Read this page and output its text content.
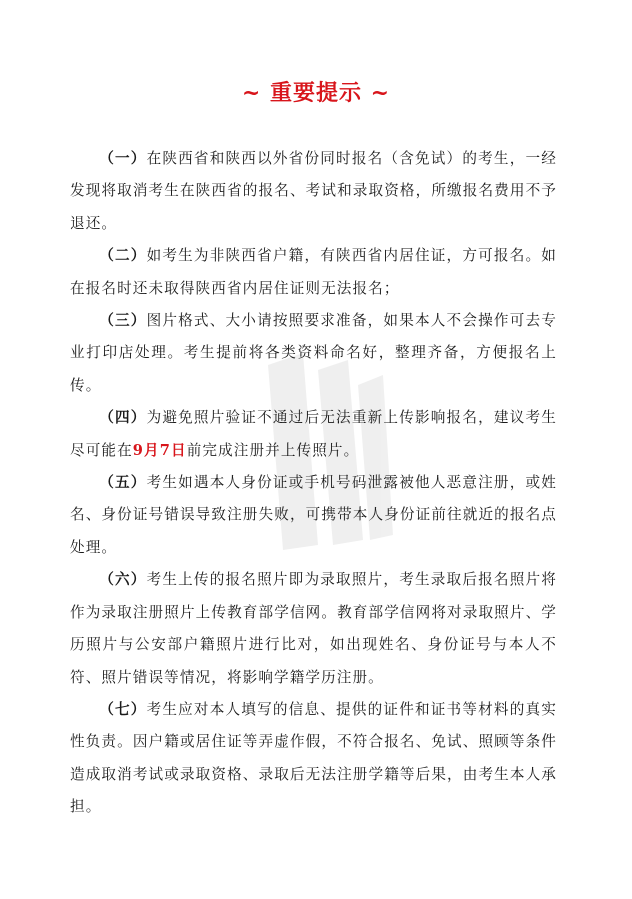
~ 重要提示 ~

（一）在陕西省和陕西以外省份同时报名（含免试）的考生，一经发现将取消考生在陕西省的报名、考试和录取资格，所缴报名费用不予退还。

（二）如考生为非陕西省户籍，有陕西省内居住证，方可报名。如在报名时还未取得陕西省内居住证则无法报名；

（三）图片格式、大小请按照要求准备，如果本人不会操作可去专业打印店处理。考生提前将各类资料命名好，整理齐备，方便报名上传。

（四）为避免照片验证不通过后无法重新上传影响报名，建议考生尽可能在9月7日前完成注册并上传照片。

（五）考生如遇本人身份证或手机号码泄露被他人恶意注册，或姓名、身份证号错误导致注册失败，可携带本人身份证前往就近的报名点处理。

（六）考生上传的报名照片即为录取照片，考生录取后报名照片将作为录取注册照片上传教育部学信网。教育部学信网将对录取照片、学历照片与公安部户籍照片进行比对，如出现姓名、身份证号与本人不符、照片错误等情况，将影响学籍学历注册。

（七）考生应对本人填写的信息、提供的证件和证书等材料的真实性负责。因户籍或居住证等弄虚作假，不符合报名、免试、照顾等条件造成取消考试或录取资格、录取后无法注册学籍等后果，由考生本人承担。
